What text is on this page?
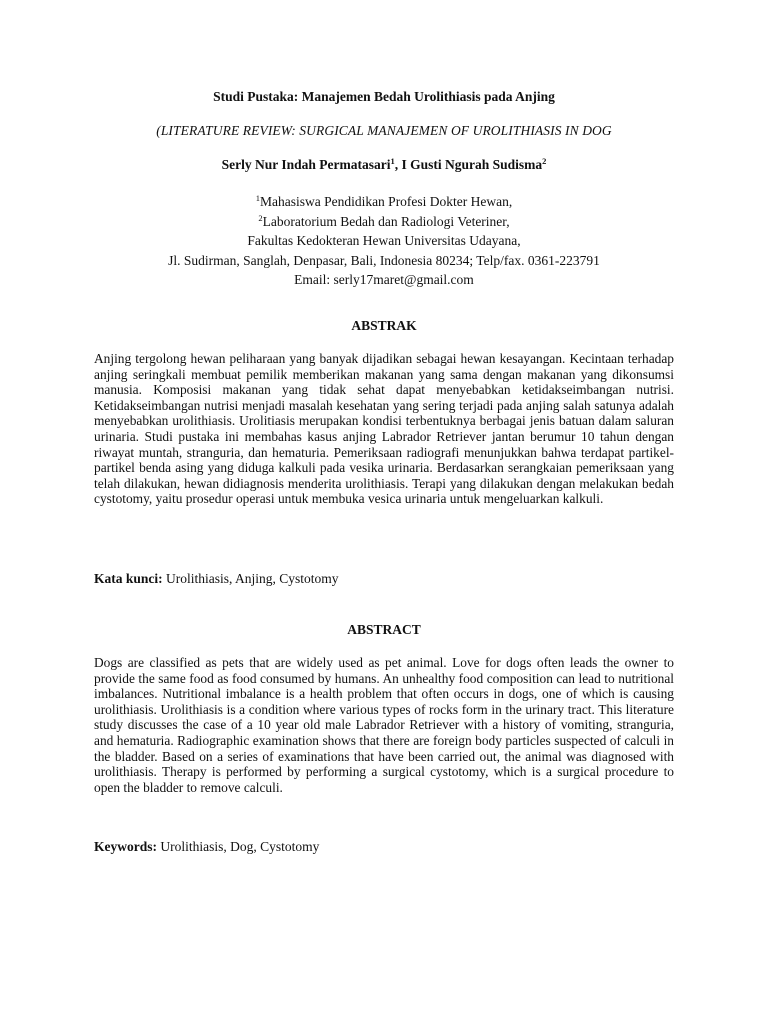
Studi Pustaka: Manajemen Bedah Urolithiasis pada Anjing
(LITERATURE REVIEW: SURGICAL MANAJEMEN OF UROLITHIASIS IN DOG
Serly Nur Indah Permatasari$^1$, I Gusti Ngurah Sudisma$^2$
$^1$Mahasiswa Pendidikan Profesi Dokter Hewan,
$^2$Laboratorium Bedah dan Radiologi Veteriner,
Fakultas Kedokteran Hewan Universitas Udayana,
Jl. Sudirman, Sanglah, Denpasar, Bali, Indonesia 80234; Telp/fax. 0361-223791
Email: serly17maret@gmail.com
ABSTRAK
Anjing tergolong hewan peliharaan yang banyak dijadikan sebagai hewan kesayangan. Kecintaan terhadap anjing seringkali membuat pemilik memberikan makanan yang sama dengan makanan yang dikonsumsi manusia. Komposisi makanan yang tidak sehat dapat menyebabkan ketidakseimbangan nutrisi. Ketidakseimbangan nutrisi menjadi masalah kesehatan yang sering terjadi pada anjing salah satunya adalah menyebabkan urolithiasis. Urolitiasis merupakan kondisi terbentuknya berbagai jenis batuan dalam saluran urinaria. Studi pustaka ini membahas kasus anjing Labrador Retriever jantan berumur 10 tahun dengan riwayat muntah, stranguria, dan hematuria. Pemeriksaan radiografi menunjukkan bahwa terdapat partikel-partikel benda asing yang diduga kalkuli pada vesika urinaria. Berdasarkan serangkaian pemeriksaan yang telah dilakukan, hewan didiagnosis menderita urolithiasis. Terapi yang dilakukan dengan melakukan bedah cystotomy, yaitu prosedur operasi untuk membuka vesica urinaria untuk mengeluarkan kalkuli.
Kata kunci: Urolithiasis, Anjing, Cystotomy
ABSTRACT
Dogs are classified as pets that are widely used as pet animal. Love for dogs often leads the owner to provide the same food as food consumed by humans. An unhealthy food composition can lead to nutritional imbalances. Nutritional imbalance is a health problem that often occurs in dogs, one of which is causing urolithiasis. Urolithiasis is a condition where various types of rocks form in the urinary tract. This literature study discusses the case of a 10 year old male Labrador Retriever with a history of vomiting, stranguria, and hematuria. Radiographic examination shows that there are foreign body particles suspected of calculi in the bladder. Based on a series of examinations that have been carried out, the animal was diagnosed with urolithiasis. Therapy is performed by performing a surgical cystotomy, which is a surgical procedure to open the bladder to remove calculi.
Keywords: Urolithiasis, Dog, Cystotomy
